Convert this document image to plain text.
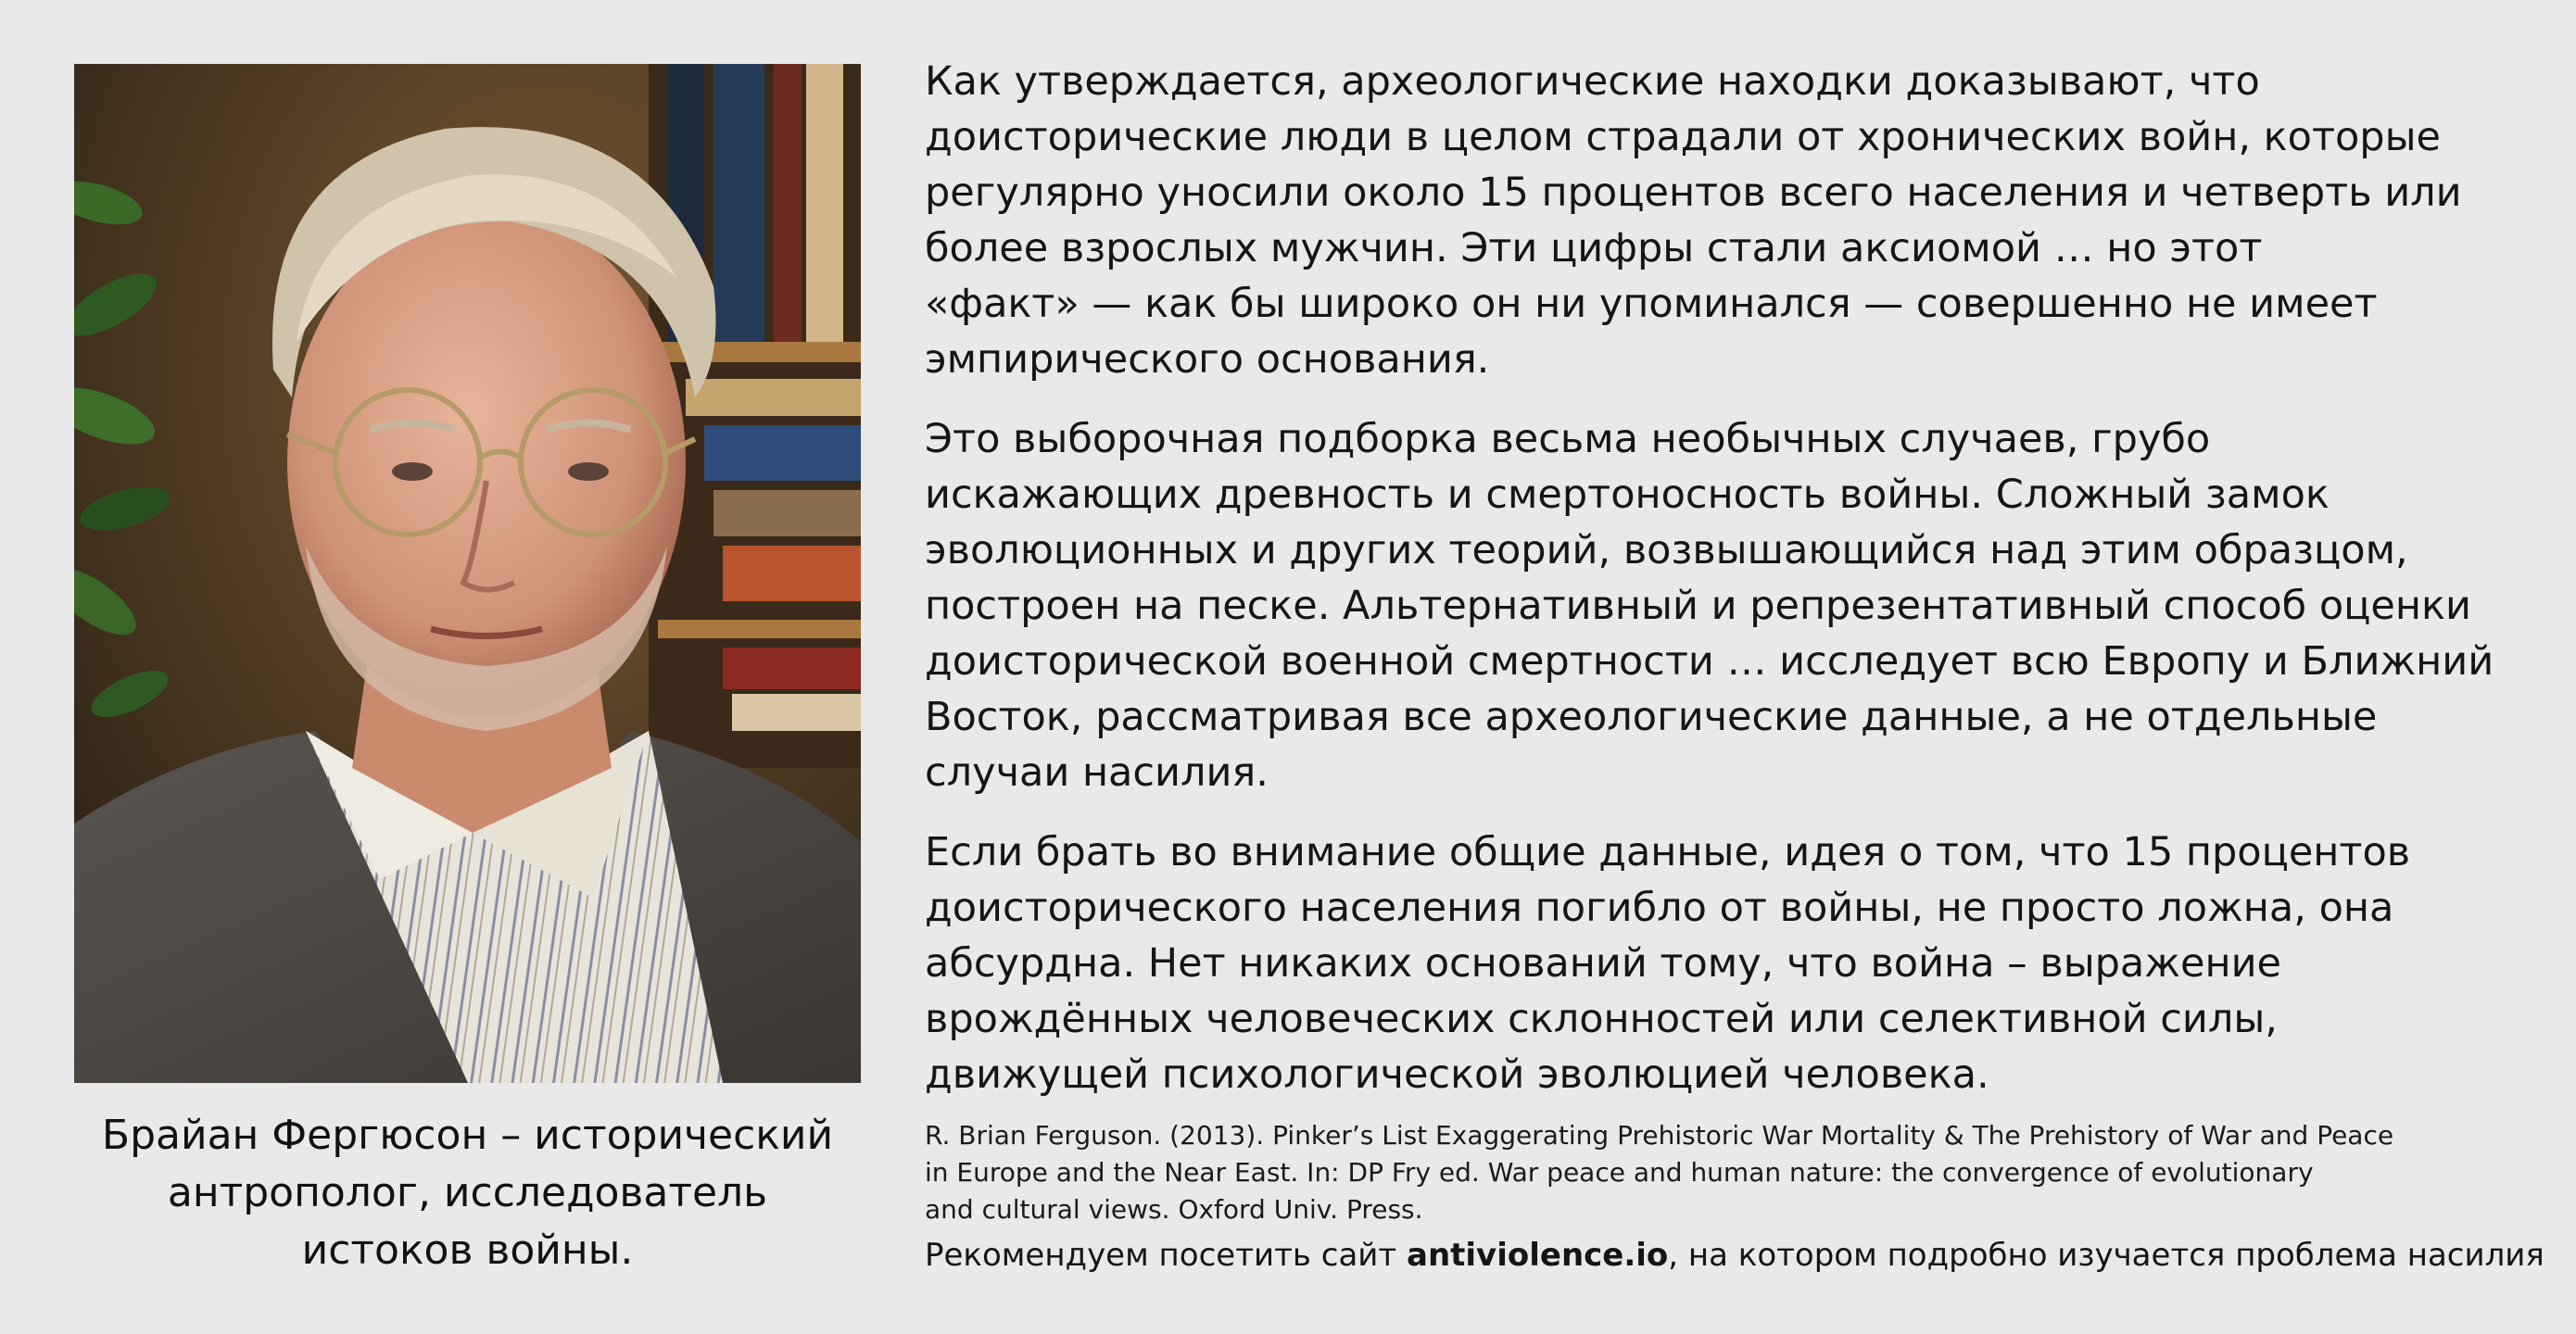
Брайан Фергюсон – исторический
антрополог, исследователь
истоков войны.

Как утверждается, археологические находки доказывают, что
доисторические люди в целом страдали от хронических войн, которые
регулярно уносили около 15 процентов всего населения и четверть или
более взрослых мужчин. Эти цифры стали аксиомой … но этот
«факт» — как бы широко он ни упоминался — совершенно не имеет
эмпирического основания.

Это выборочная подборка весьма необычных случаев, грубо
искажающих древность и смертоносность войны. Сложный замок
эволюционных и других теорий, возвышающийся над этим образцом,
построен на песке. Альтернативный и репрезентативный способ оценки
доисторической военной смертности … исследует всю Европу и Ближний
Восток, рассматривая все археологические данные, а не отдельные
случаи насилия.

Если брать во внимание общие данные, идея о том, что 15 процентов
доисторического населения погибло от войны, не просто ложна, она
абсурдна. Нет никаких оснований тому, что война – выражение
врождённых человеческих склонностей или селективной силы,
движущей психологической эволюцией человека.

R. Brian Ferguson. (2013). Pinker’s List Exaggerating Prehistoric War Mortality & The Prehistory of War and Peace
in Europe and the Near East. In: DP Fry ed. War peace and human nature: the convergence of evolutionary
and cultural views. Oxford Univ. Press.
Рекомендуем посетить сайт antiviolence.io, на котором подробно изучается проблема насилия
